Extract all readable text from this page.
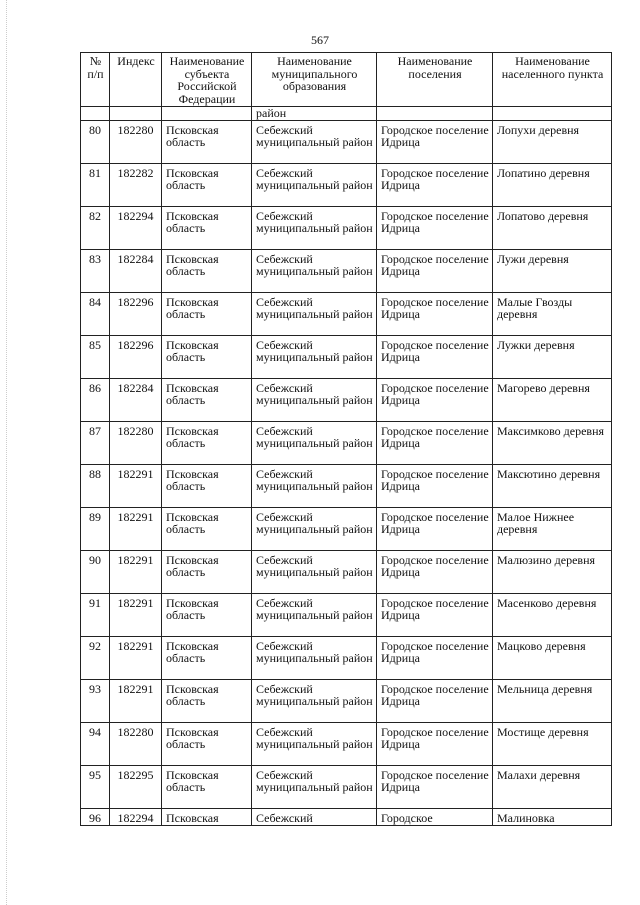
567
№ п/п	Индекс	Наименование субъекта Российской Федерации	Наименование муниципального образования	Наименование поселения	Наименование населенного пункта
			район		
80	182280	Псковская область	Себежский муниципальный район	Городское поселение Идрица	Лопухи деревня
81	182282	Псковская область	Себежский муниципальный район	Городское поселение Идрица	Лопатино деревня
82	182294	Псковская область	Себежский муниципальный район	Городское поселение Идрица	Лопатово деревня
83	182284	Псковская область	Себежский муниципальный район	Городское поселение Идрица	Лужи деревня
84	182296	Псковская область	Себежский муниципальный район	Городское поселение Идрица	Малые Гвозды деревня
85	182296	Псковская область	Себежский муниципальный район	Городское поселение Идрица	Лужки деревня
86	182284	Псковская область	Себежский муниципальный район	Городское поселение Идрица	Магорево деревня
87	182280	Псковская область	Себежский муниципальный район	Городское поселение Идрица	Максимково деревня
88	182291	Псковская область	Себежский муниципальный район	Городское поселение Идрица	Максютино деревня
89	182291	Псковская область	Себежский муниципальный район	Городское поселение Идрица	Малое Нижнее деревня
90	182291	Псковская область	Себежский муниципальный район	Городское поселение Идрица	Малюзино деревня
91	182291	Псковская область	Себежский муниципальный район	Городское поселение Идрица	Масенково деревня
92	182291	Псковская область	Себежский муниципальный район	Городское поселение Идрица	Мацково деревня
93	182291	Псковская область	Себежский муниципальный район	Городское поселение Идрица	Мельница деревня
94	182280	Псковская область	Себежский муниципальный район	Городское поселение Идрица	Мостище деревня
95	182295	Псковская область	Себежский муниципальный район	Городское поселение Идрица	Малахи деревня
96	182294	Псковская	Себежский	Городское	Малиновка
